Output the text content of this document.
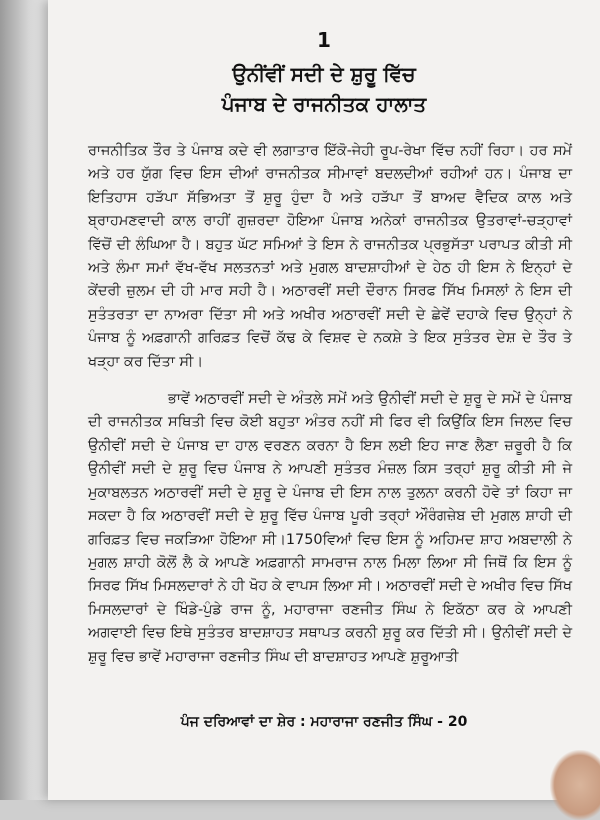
1
ਉਨੀਂਵੀਂ ਸਦੀ ਦੇ ਸ਼ੁਰੂ ਵਿੱਚ
ਪੰਜਾਬ ਦੇ ਰਾਜਨੀਤਕ ਹਾਲਾਤ

ਰਾਜਨੀਤਿਕ ਤੌਰ ਤੇ ਪੰਜਾਬ ਕਦੇ ਵੀ ਲਗਾਤਾਰ ਇੱਕੋ-ਜੇਹੀ ਰੂਪ-ਰੇਖਾ ਵਿੱਚ ਨਹੀਂ ਰਿਹਾ। ਹਰ ਸਮੇਂ ਅਤੇ ਹਰ ਯੁੱਗ ਵਿਚ ਇਸ ਦੀਆਂ ਰਾਜਨੀਤਕ ਸੀਮਾਵਾਂ ਬਦਲਦੀਆਂ ਰਹੀਆਂ ਹਨ। ਪੰਜਾਬ ਦਾ ਇਤਿਹਾਸ ਹੜੱਪਾ ਸੱਭਿਅਤਾ ਤੋਂ ਸ਼ੁਰੂ ਹੁੰਦਾ ਹੈ ਅਤੇ ਹੜੱਪਾ ਤੋਂ ਬਾਅਦ ਵੈਦਿਕ ਕਾਲ ਅਤੇ ਬ੍ਰਾਹਮਣਵਾਦੀ ਕਾਲ ਰਾਹੀਂ ਗੁਜ਼ਰਦਾ ਹੋਇਆ ਪੰਜਾਬ ਅਨੇਕਾਂ ਰਾਜਨੀਤਕ ਉਤਰਾਵਾਂ-ਚੜ੍ਹਾਵਾਂ ਵਿੱਚੋਂ ਦੀ ਲੰਘਿਆ ਹੈ। ਬਹੁਤ ਘੱਟ ਸਮਿਆਂ ਤੇ ਇਸ ਨੇ ਰਾਜਨੀਤਕ ਪ੍ਰਭੁਸੱਤਾ ਪਰਾਪਤ ਕੀਤੀ ਸੀ ਅਤੇ ਲੰਮਾ ਸਮਾਂ ਵੱਖ-ਵੱਖ ਸਲਤਨਤਾਂ ਅਤੇ ਮੁਗਲ ਬਾਦਸ਼ਾਹੀਆਂ ਦੇ ਹੇਠ ਹੀ ਇਸ ਨੇ ਇਨ੍ਹਾਂ ਦੇ ਕੇਂਦਰੀ ਜ਼ੁਲਮ ਦੀ ਹੀ ਮਾਰ ਸਹੀ ਹੈ। ਅਠਾਰਵੀਂ ਸਦੀ ਦੌਰਾਨ ਸਿਰਫ ਸਿੱਖ ਮਿਸਲਾਂ ਨੇ ਇਸ ਦੀ ਸੁਤੰਤਰਤਾ ਦਾ ਨਾਅਰਾ ਦਿੱਤਾ ਸੀ ਅਤੇ ਅਖੀਰ ਅਠਾਰਵੀਂ ਸਦੀ ਦੇ ਛੇਵੇਂ ਦਹਾਕੇ ਵਿਚ ਉਨ੍ਹਾਂ ਨੇ ਪੰਜਾਬ ਨੂੰ ਅਫ਼ਗਾਨੀ ਗਰਿਫ਼ਤ ਵਿਚੋਂ ਕੱਢ ਕੇ ਵਿਸ਼ਵ ਦੇ ਨਕਸ਼ੇ ਤੇ ਇਕ ਸੁਤੰਤਰ ਦੇਸ਼ ਦੇ ਤੌਰ ਤੇ ਖੜ੍ਹਾ ਕਰ ਦਿੱਤਾ ਸੀ।

ਭਾਵੇਂ ਅਠਾਰਵੀਂ ਸਦੀ ਦੇ ਅੰਤਲੇ ਸਮੇਂ ਅਤੇ ਉਨੀਵੀਂ ਸਦੀ ਦੇ ਸ਼ੁਰੂ ਦੇ ਸਮੇਂ ਦੇ ਪੰਜਾਬ ਦੀ ਰਾਜਨੀਤਕ ਸਥਿਤੀ ਵਿਚ ਕੋਈ ਬਹੁਤਾ ਅੰਤਰ ਨਹੀਂ ਸੀ ਫਿਰ ਵੀ ਕਿਉਂਕਿ ਇਸ ਜਿਲਦ ਵਿਚ ਉਨੀਵੀਂ ਸਦੀ ਦੇ ਪੰਜਾਬ ਦਾ ਹਾਲ ਵਰਣਨ ਕਰਨਾ ਹੈ ਇਸ ਲਈ ਇਹ ਜਾਣ ਲੈਣਾ ਜ਼ਰੂਰੀ ਹੈ ਕਿ ਉਨੀਵੀਂ ਸਦੀ ਦੇ ਸ਼ੁਰੂ ਵਿਚ ਪੰਜਾਬ ਨੇ ਆਪਣੀ ਸੁਤੰਤਰ ਮੰਜ਼ਲ ਕਿਸ ਤਰ੍ਹਾਂ ਸ਼ੁਰੂ ਕੀਤੀ ਸੀ ਜੇ ਮੁਕਾਬਲਤਨ ਅਠਾਰਵੀਂ ਸਦੀ ਦੇ ਸ਼ੁਰੂ ਦੇ ਪੰਜਾਬ ਦੀ ਇਸ ਨਾਲ ਤੁਲਨਾ ਕਰਨੀ ਹੋਵੇ ਤਾਂ ਕਿਹਾ ਜਾ ਸਕਦਾ ਹੈ ਕਿ ਅਠਾਰਵੀਂ ਸਦੀ ਦੇ ਸ਼ੁਰੂ ਵਿੱਚ ਪੰਜਾਬ ਪੂਰੀ ਤਰ੍ਹਾਂ ਔਰੰਗਜ਼ੇਬ ਦੀ ਮੁਗਲ ਸ਼ਾਹੀ ਦੀ ਗਰਿਫ਼ਤ ਵਿਚ ਜਕੜਿਆ ਹੋਇਆ ਸੀ।1750ਵਿਆਂ ਵਿਚ ਇਸ ਨੂੰ ਅਹਿਮਦ ਸ਼ਾਹ ਅਬਦਾਲੀ ਨੇ ਮੁਗਲ ਸ਼ਾਹੀ ਕੋਲੋਂ ਲੈ ਕੇ ਆਪਣੇ ਅਫ਼ਗਾਨੀ ਸਾਮਰਾਜ ਨਾਲ ਮਿਲਾ ਲਿਆ ਸੀ ਜਿਥੋਂ ਕਿ ਇਸ ਨੂੰ ਸਿਰਫ ਸਿੱਖ ਮਿਸਲਦਾਰਾਂ ਨੇ ਹੀ ਖੋਹ ਕੇ ਵਾਪਸ ਲਿਆ ਸੀ। ਅਠਾਰਵੀਂ ਸਦੀ ਦੇ ਅਖੀਰ ਵਿਚ ਸਿੱਖ ਮਿਸਲਦਾਰਾਂ ਦੇ ਖਿੰਡੇ-ਪੁੰਡੇ ਰਾਜ ਨੂੰ, ਮਹਾਰਾਜਾ ਰਣਜੀਤ ਸਿੰਘ ਨੇ ਇਕੱਠਾ ਕਰ ਕੇ ਆਪਣੀ ਅਗਵਾਈ ਵਿਚ ਇਥੇ ਸੁਤੰਤਰ ਬਾਦਸ਼ਾਹਤ ਸਥਾਪਤ ਕਰਨੀ ਸ਼ੁਰੂ ਕਰ ਦਿੱਤੀ ਸੀ। ਉਨੀਵੀਂ ਸਦੀ ਦੇ ਸ਼ੁਰੂ ਵਿਚ ਭਾਵੇਂ ਮਹਾਰਾਜਾ ਰਣਜੀਤ ਸਿੰਘ ਦੀ ਬਾਦਸ਼ਾਹਤ ਆਪਣੇ ਸ਼ੁਰੂਆਤੀ

ਪੰਜ ਦਰਿਆਵਾਂ ਦਾ ਸ਼ੇਰ : ਮਹਾਰਾਜਾ ਰਣਜੀਤ ਸਿੰਘ - 20
